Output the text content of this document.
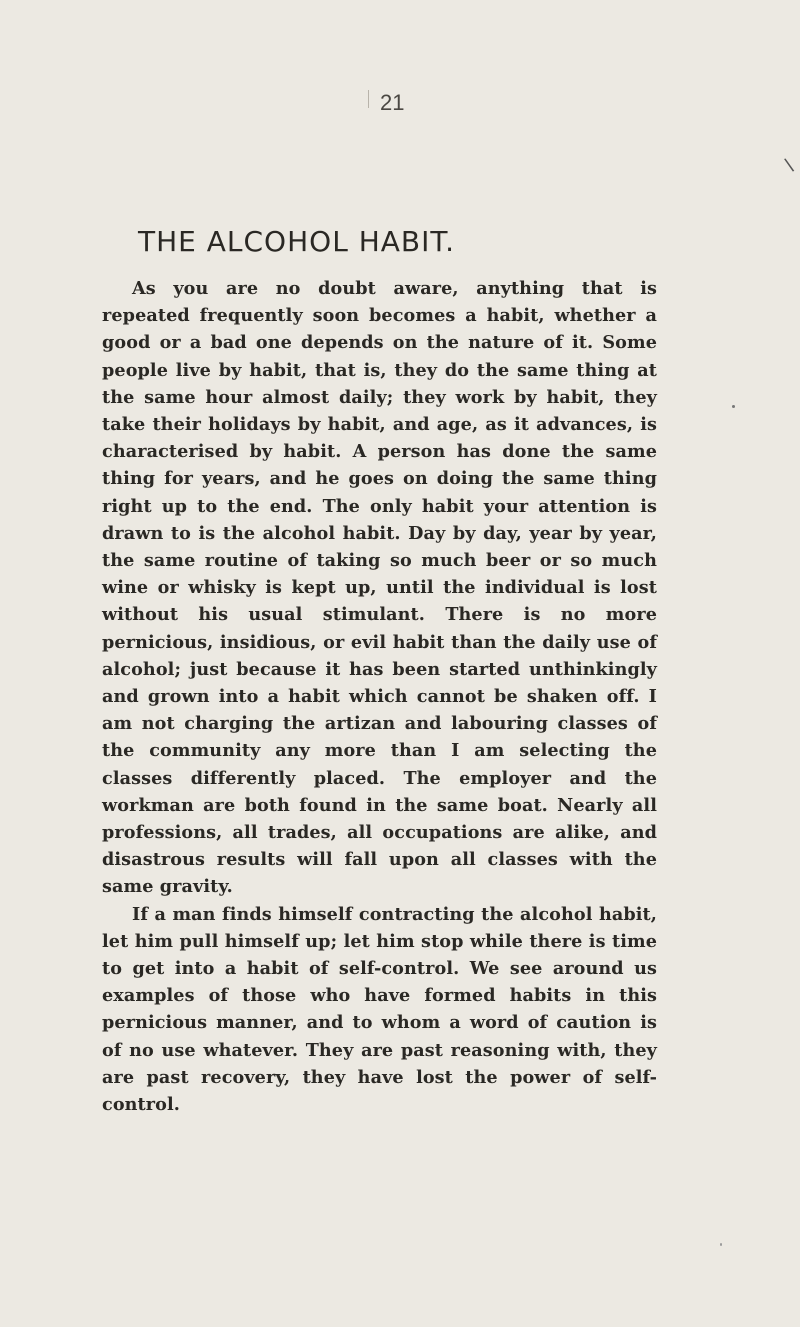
21
THE ALCOHOL HABIT.

As you are no doubt aware, anything that is repeated frequently soon becomes a habit, whether a good or a bad one depends on the nature of it. Some people live by habit, that is, they do the same thing at the same hour almost daily; they work by habit, they take their holidays by habit, and age, as it advances, is characterised by habit. A person has done the same thing for years, and he goes on doing the same thing right up to the end. The only habit your attention is drawn to is the alcohol habit. Day by day, year by year, the same routine of taking so much beer or so much wine or whisky is kept up, until the individual is lost without his usual stimulant. There is no more pernicious, insidious, or evil habit than the daily use of alcohol; just because it has been started unthinkingly and grown into a habit which cannot be shaken off. I am not charging the artizan and labouring classes of the community any more than I am selecting the classes differently placed. The employer and the workman are both found in the same boat. Nearly all professions, all trades, all occupations are alike, and disastrous results will fall upon all classes with the same gravity.

If a man finds himself contracting the alcohol habit, let him pull himself up; let him stop while there is time to get into a habit of self-control. We see around us examples of those who have formed habits in this pernicious manner, and to whom a word of caution is of no use whatever. They are past reasoning with, they are past recovery, they have lost the power of self-control.

\
